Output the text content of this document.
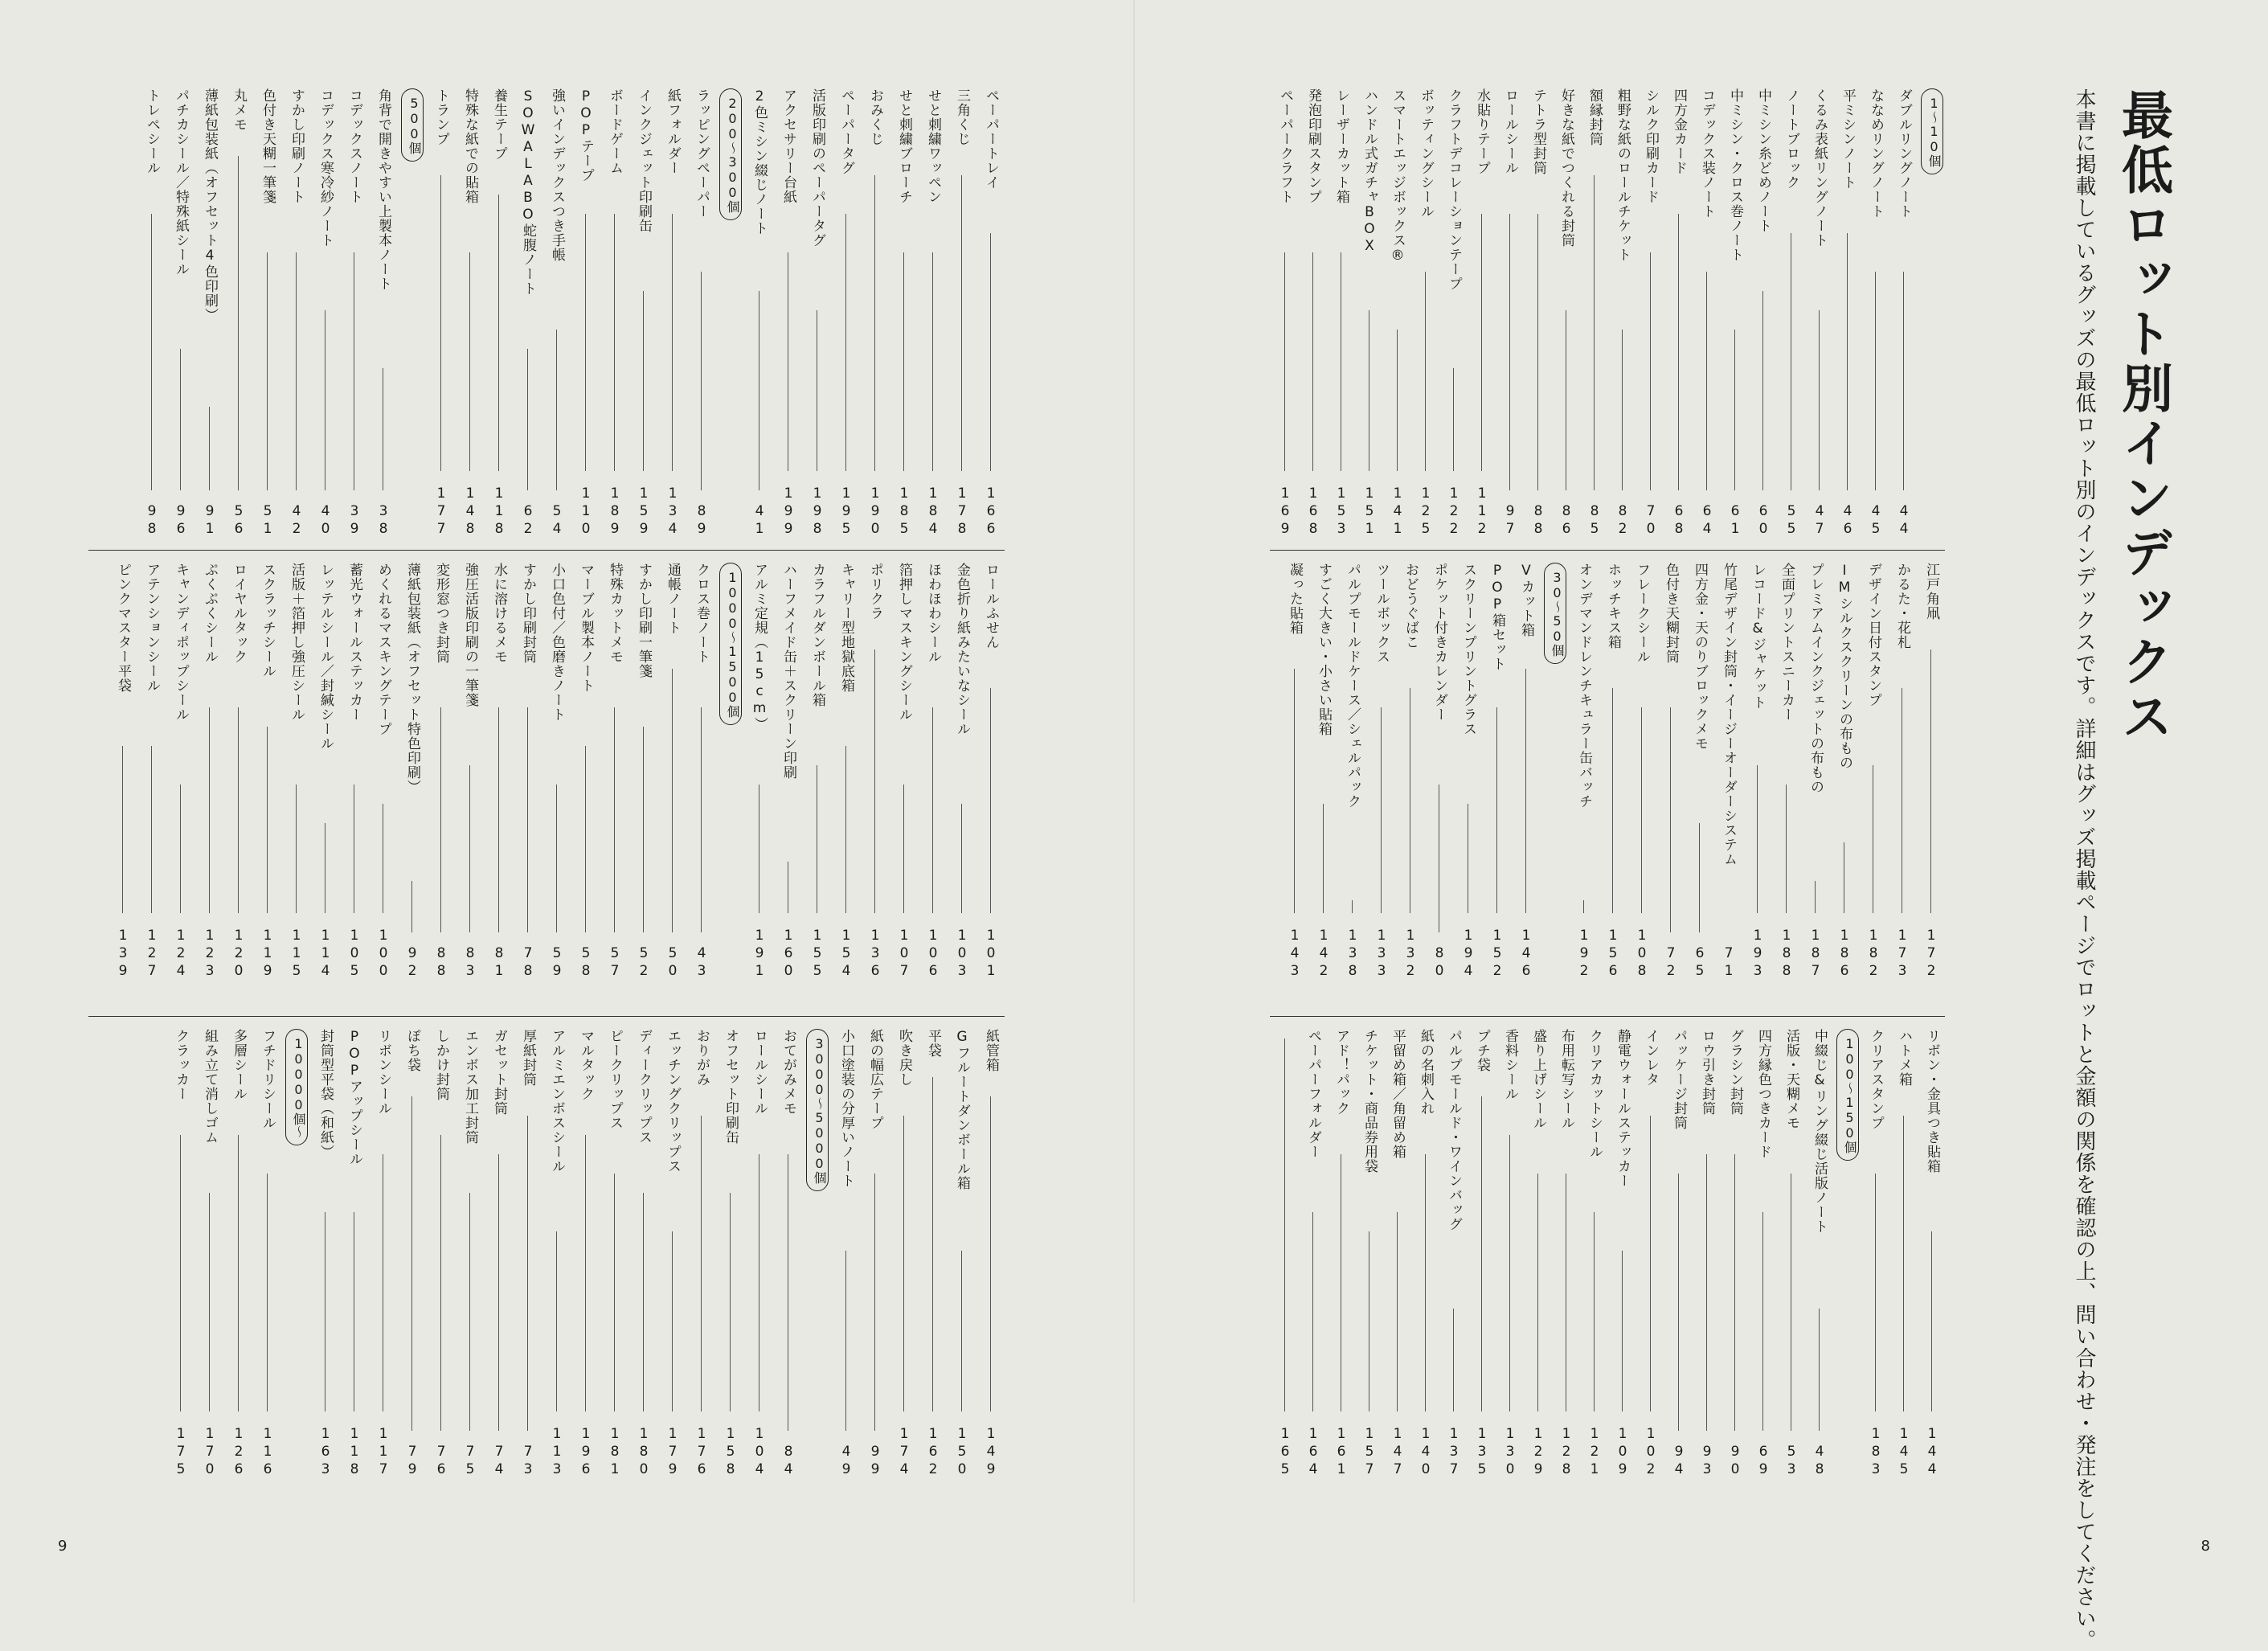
最低ロット別インデックス
本書に掲載しているグッズの最低ロット別のインデックスです。詳細はグッズ掲載ページでロットと金額の関係を確認の上、問い合わせ・発注をしてください。
1〜10個
ダブルリングノート
44
ななめリングノート
45
平ミシンノート
46
くるみ表紙リングノート
47
ノートブロック
55
中ミシン糸どめノート
60
中ミシン・クロス巻ノート
61
コデックス装ノート
64
四方金カード
68
シルク印刷カード
70
粗野な紙のロールチケット
82
額縁封筒
85
好きな紙でつくれる封筒
86
テトラ型封筒
88
ロールシール
97
水貼りテープ
112
クラフトデコレーションテープ
122
ボッティングシール
125
スマートエッジボックス®
141
ハンドル式ガチャBOX
151
レーザーカット箱
153
発泡印刷スタンプ
168
ペーパークラフト
169
江戸角凧
172
かるた・花札
173
デザイン日付スタンプ
182
IMシルクスクリーンの布もの
186
プレミアムインクジェットの布もの
187
全面プリントスニーカー
188
レコード&ジャケット
193
竹尾デザイン封筒・イージーオーダーシステム
71
四方金・天のりブロックメモ
65
色付き天糊封筒
72
フレークシール
108
ホッチキス箱
156
オンデマンドレンチキュラー缶バッチ
192
30〜50個
Vカット箱
146
POP箱セット
152
スクリーンプリントグラス
194
ポケット付きカレンダー
80
おどうぐばこ
132
ツールボックス
133
パルプモールドケース／シェルパック
138
すごく大きい・小さい貼箱
142
凝った貼箱
143
リボン・金具つき貼箱
144
ハトメ箱
145
クリアスタンプ
183
100〜150個
中綴じ&リング綴じ活版ノート
48
活版・天糊メモ
53
四方縁色つきカード
69
グラシン封筒
90
ロウ引き封筒
93
パッケージ封筒
94
インレタ
102
静電ウォールステッカー
109
クリアカットシール
121
布用転写シール
128
盛り上げシール
129
香料シール
130
プチ袋
135
パルプモールド・ワインバッグ
137
紙の名刺入れ
140
平留め箱／角留め箱
147
チケット・商品券用袋
157
アド！パック
161
ペーパーフォルダー
164
165
ペーパートレイ
166
三角くじ
178
せと刺繍ワッペン
184
せと刺繍ブローチ
185
おみくじ
190
ペーパータグ
195
活版印刷のペーパータグ
198
アクセサリー台紙
199
2色ミシン綴じノート
41
200〜300個
ラッピングペーパー
89
紙フォルダー
134
インクジェット印刷缶
159
ボードゲーム
189
POPテープ
110
強いインデックスつき手帳
54
SOWALABO蛇腹ノート
62
養生テープ
118
特殊な紙での貼箱
148
トランプ
177
500個
角背で開きやすい上製本ノート
38
コデックスノート
39
コデックス寒冷紗ノート
40
すかし印刷ノート
42
色付き天糊一筆箋
51
丸メモ
56
薄紙包装紙（オフセット4色印刷）
91
パチカシール／特殊紙シール
96
トレペシール
98
ロールふせん
101
金色折り紙みたいなシール
103
ほわほわシール
106
箔押しマスキングシール
107
ポリクラ
136
キャリー型地獄底箱
154
カラフルダンボール箱
155
ハーフメイド缶＋スクリーン印刷
160
アルミ定規（15cm）
191
1000〜1500個
クロス巻ノート
43
通帳ノート
50
すかし印刷一筆箋
52
特殊カットメモ
57
マーブル製本ノート
58
小口色付／色磨きノート
59
すかし印刷封筒
78
水に溶けるメモ
81
強圧活版印刷の一筆箋
83
変形窓つき封筒
88
薄紙包装紙（オフセット特色印刷）
92
めくれるマスキングテープ
100
蓄光ウォールステッカー
105
レッテルシール／封緘シール
114
活版＋箔押し強圧シール
115
スクラッチシール
119
ロイヤルタック
120
ぷくぷくシール
123
キャンディポップシール
124
アテンションシール
127
ピンクマスター平袋
139
紙管箱
149
Gフルートダンボール箱
150
平袋
162
吹き戻し
174
紙の幅広テープ
99
小口塗装の分厚いノート
49
3000〜5000個
おてがみメモ
84
ロールシール
104
オフセット印刷缶
158
おりがみ
176
エッチングクリップス
179
ディークリップス
180
ピークリップス
181
マルタック
196
アルミエンボスシール
113
厚紙封筒
73
ガセット封筒
74
エンボス加工封筒
75
しかけ封筒
76
ぽち袋
79
リボンシール
117
POPアップシール
118
封筒型平袋（和紙）
163
10000個〜
フチドリシール
116
多層シール
126
組み立て消しゴム
170
クラッカー
175
9	8
